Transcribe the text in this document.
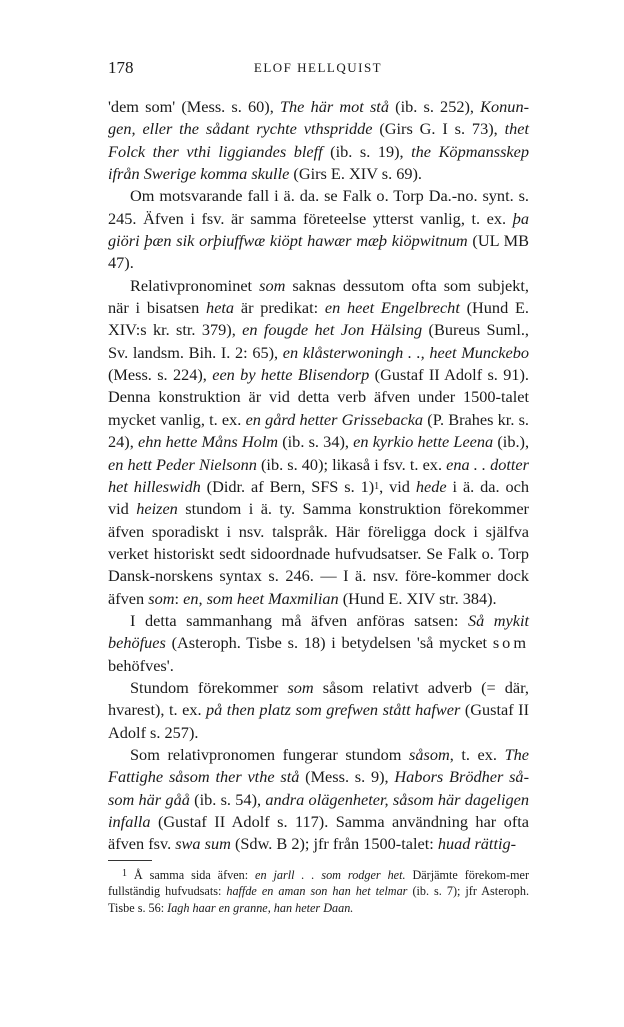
178	ELOF HELLQUIST

'dem som' (Mess. s. 60), The här mot stå (ib. s. 252), Konun-gen, eller the sådant rychte vthspridde (Girs G. I s. 73), thet Folck ther vthi liggiandes bleff (ib. s. 19), the Köpmansskep ifrån Swerige komma skulle (Girs E. XIV s. 69).

Om motsvarande fall i ä. da. se Falk o. Torp Da.-no. synt. s. 245. Äfven i fsv. är samma företeelse ytterst vanlig, t. ex. þa giöri þæn sik orþiuffwæ kiöpt hawær mæþ kiöpwitnum (UL MB 47).

Relativpronominet som saknas dessutom ofta som subjekt, när i bisatsen heta är predikat: en heet Engelbrecht (Hund E. XIV:s kr. str. 379), en fougde het Jon Hälsing (Bureus Suml., Sv. landsm. Bih. I. 2: 65), en klåsterwoningh . ., heet Munckebo (Mess. s. 224), een by hette Blisendorp (Gustaf II Adolf s. 91). Denna konstruktion är vid detta verb äfven under 1500-talet mycket vanlig, t. ex. en gård hetter Grissebacka (P. Brahes kr. s. 24), ehn hette Måns Holm (ib. s. 34), en kyrkio hette Leena (ib.), en hett Peder Nielsonn (ib. s. 40); likaså i fsv. t. ex. ena . . dotter het hilleswidh (Didr. af Bern, SFS s. 1)1, vid hede i ä. da. och vid heizen stundom i ä. ty. Samma konstruktion förekommer äfven sporadiskt i nsv. talspråk. Här föreligga dock i själfva verket historiskt sedt sidoordnade hufvudsatser. Se Falk o. Torp Dansk-norskens syntax s. 246. — I ä. nsv. före-kommer dock äfven som: en, som heet Maxmilian (Hund E. XIV str. 384).

I detta sammanhang må äfven anföras satsen: Så mykit behöfues (Asteroph. Tisbe s. 18) i betydelsen 'så mycket som behöfves'.

Stundom förekommer som såsom relativt adverb (= där, hvarest), t. ex. på then platz som grefwen stått hafwer (Gustaf II Adolf s. 257).

Som relativpronomen fungerar stundom såsom, t. ex. The Fattighe såsom ther vthe stå (Mess. s. 9), Habors Brödher så-som här gåå (ib. s. 54), andra olägenheter, såsom här dageligen infalla (Gustaf II Adolf s. 117). Samma användning har ofta äfven fsv. swa sum (Sdw. B 2); jfr från 1500-talet: huad rättig-

$^1$ Å samma sida äfven: en jarll . . som rodger het. Därjämte förekom-mer fullständig hufvudsats: haffde en aman son han het telmar (ib. s. 7); jfr Asteroph. Tisbe s. 56: Iagh haar en granne, han heter Daan.
